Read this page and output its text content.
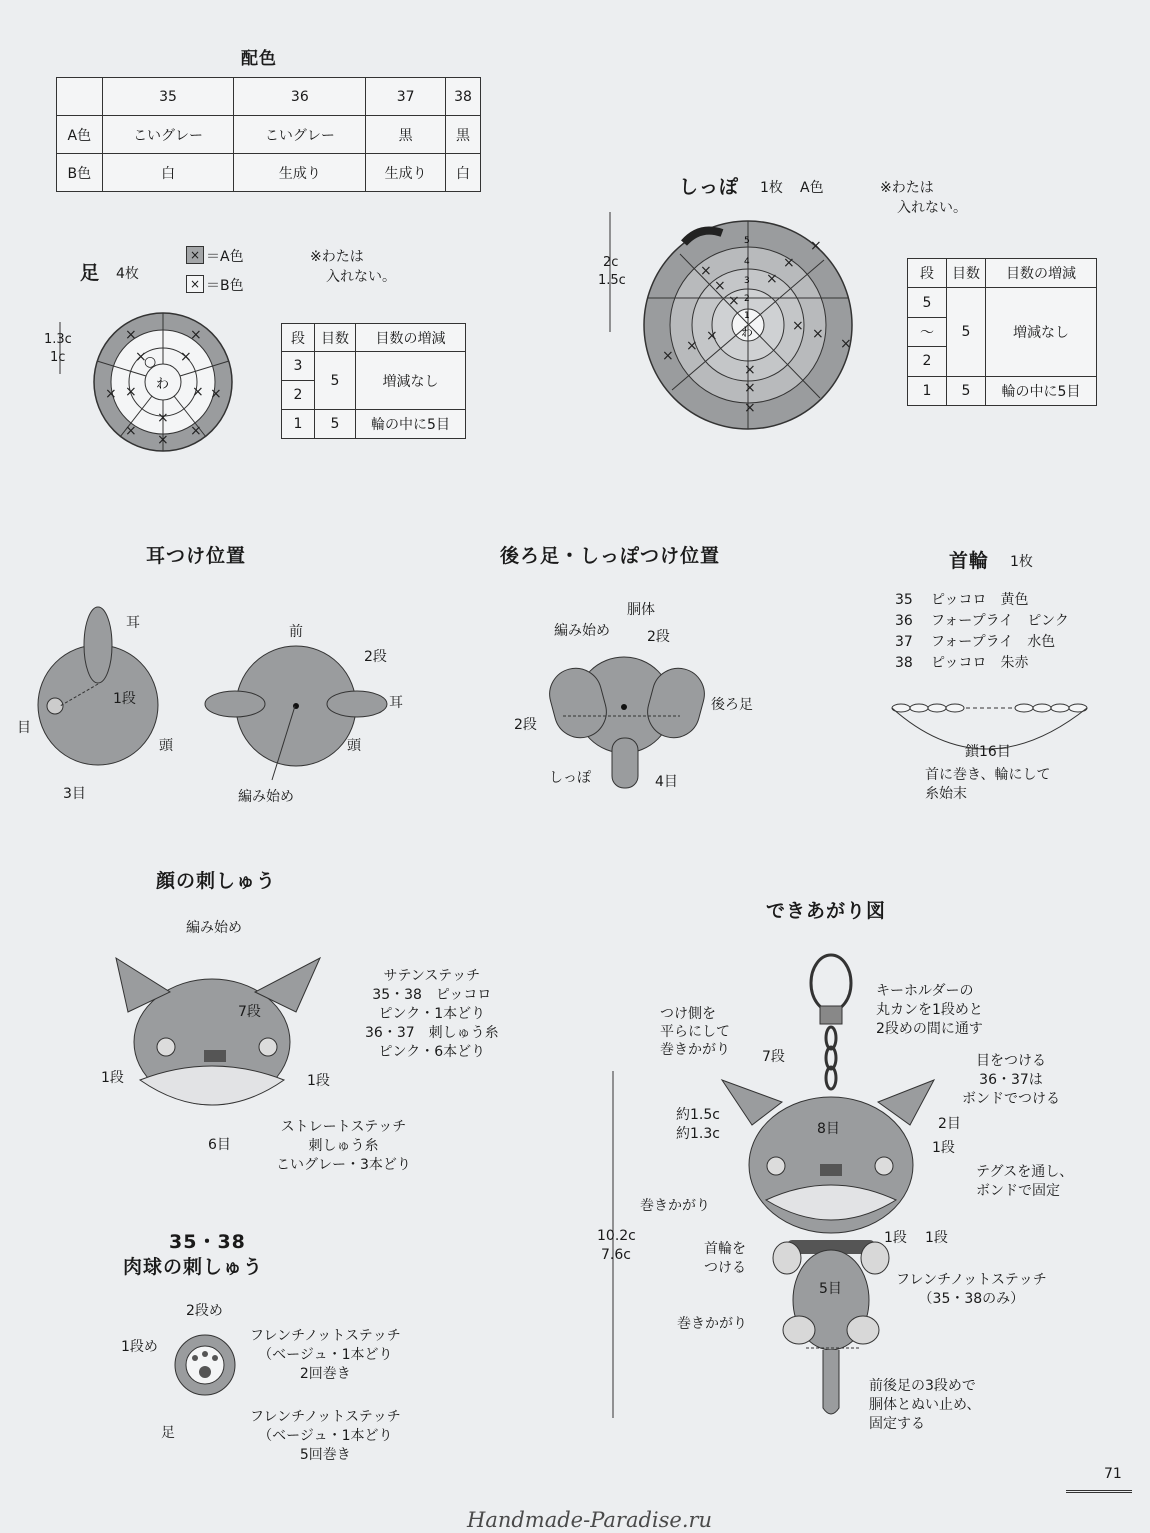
配色
	35	36	37	38
A色	こいグレー	こいグレー	黒	黒
B色	白	生成り	生成り	白
足 4枚
× ＝A色
× ＝B色
※わたは
入れない。
1.3c
1c
段	目数	目数の増減
3	5	増減なし
2		
1	5	輪の中に5目
しっぽ 1枚 A色	※わたは
入れない。
2c
1.5c	段	目数	目数の増減
5	5	増減なし
〜		
2		
1	5	輪の中に5目
耳つけ位置	後ろ足・しっぽつけ位置	首輪 1枚
顔の刺しゅう
できあがり図
35・38
肉球の刺しゅう
わ
×	×
×	×
×	×
×
× ×
×	×
×
○
5
4
3
2
1
わ
×
×
×
×
×
×
×
×
×
×
×
×
×
×
×
耳
1段
目
頭
3目
前
2段
耳
頭
編み始め
胴体
編み始め	2段
後ろ足
2段
しっぽ	4目
35 ピッコロ　 黄色
36 フォープライ　 ピンク
37 フォープライ　 水色
38 ピッコロ　 朱赤
鎖16目
首に巻き、輪にして
糸始末
編み始め
7段
1段	1段
6目
サテンステッチ
35・38　ピッコロ
ピンク・1本どり
36・37　刺しゅう糸
ピンク・6本どり
ストレートステッチ
刺しゅう糸
こいグレー・3本どり
2段め
1段め
足
フレンチノットステッチ
（ベージュ・1本どり
2回巻き
フレンチノットステッチ
（ベージュ・1本どり
5回巻き
キーホルダーの
丸カンを1段めと
2段めの間に通す
つけ側を
平らにして
巻きかがり 7段
約1.5c
約1.3c	8目
目をつける
36・37は
ボンドでつける
2目
1段
テグスを通し、
ボンドで固定
巻きかがり
10.2c
7.6c	首輪を
つける
1段 1段
5目
フレンチノットステッチ
（35・38のみ）
巻きかがり
前後足の3段めで
胴体とぬい止め、
固定する
71
Handmade-Paradise.ru
